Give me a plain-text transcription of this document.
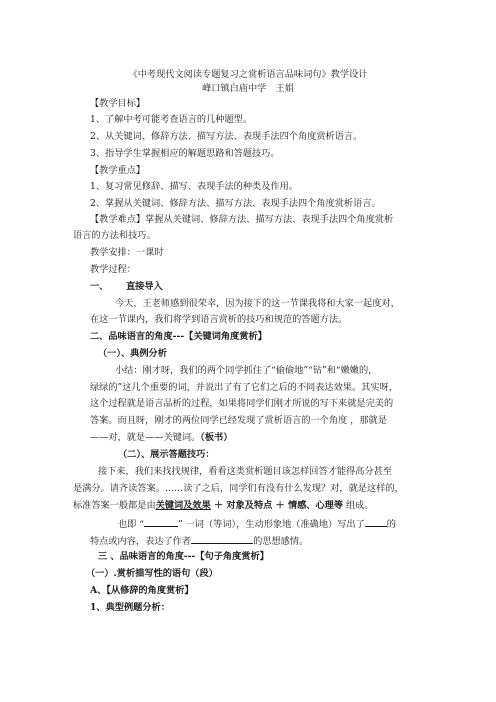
《中考现代文阅读专题复习之赏析语言品味词句》教学设计
峰口镇白庙中学　王娟
【教学目标】
1、了解中考可能考查语言的几种题型。
2、从关键词、修辞方法、描写方法、表现手法四个角度赏析语言。
3、指导学生掌握相应的解题思路和答题技巧。
【教学重点】
1、复习常见修辞、描写、表现手法的种类及作用。
2、掌握从关键词、修辞方法、描写方法、表现手法四个角度赏析语言。
【教学难点】掌握从关键词、修辞方法、描写方法、表现手法四个角度赏析
语言的方法和技巧。
教学安排：一课时
教学过程：
一、 直接导入
今天，王老师感到很荣幸，因为接下的这一节课我将和大家一起度对，
在这一节课内，我们将学到语言赏析的技巧和规范的答题方法。
二、品味语言的角度---【关键词角度赏析】
（一）、典例分析
小结：刚才呀，我们的两个同学抓住了“偷偷地”“钻”和“嫩嫩的，
绿绿的”这几个重要的词，并说出了有了它们之后的不同表达效果。其实呀，
这个过程就是语言品析的过程，如果将同学们刚才所说的写下来就是完美的
答案。而且呀，刚才的两位同学已经发现了赏析语言的一个角度 ，那就是
——对，就是——关键词。（板书）
（二）、展示答题技巧：
接下来，我们来找找规律，看看这类赏析题目该怎样回答才能得高分甚至
是满分。请齐读答案。……读了之后，同学们有没有什么发现？对，就是这样的，
标准答案一般都是由关键词及效果 ＋ 对象及特点 ＋ 情感、心理等 组成。
也即 “	” 一词（等词），生动形象地（准确地）写出了 的
特点或内容，表达了作者	的思想感情。
三 、品味语言的角度---【句子角度赏析】
（一）.赏析描写性的语句（段）
A、【从修辞的角度赏析】
1、典型例题分析：
